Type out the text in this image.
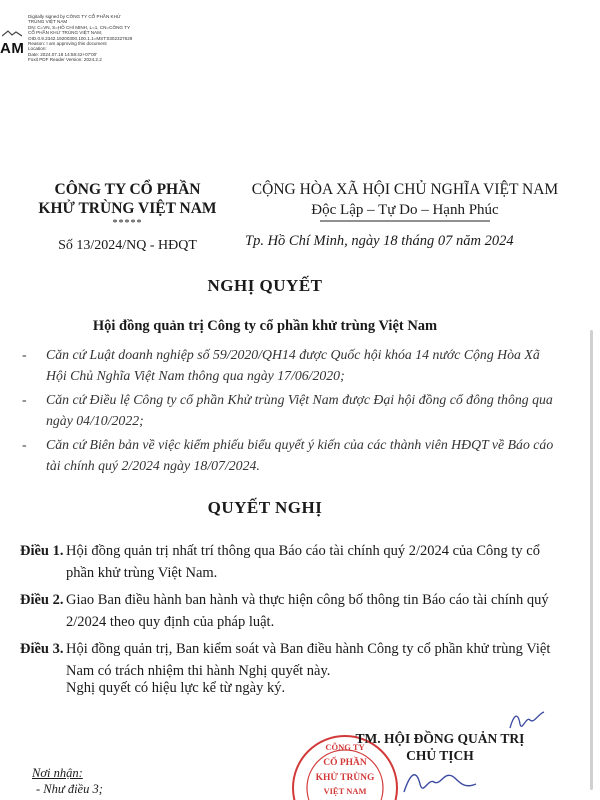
Digitally signed by CÔNG TY CỔ PHẦN KHỬ
TRÙNG VIỆT NAM
DN: C=VN, S=HỒ CHÍ MINH, L=1, CN=CÔNG TY
CỔ PHẦN KHỬ TRÙNG VIỆT NAM,
OID.0.9.2342.19200300.100.1.1=MST:0302327629
Reason: I am approving this document
Location:
Date: 2024.07.18 14:58:42+07'00'
Foxit PDF Reader Version: 2024.2.2
AM
CÔNG TY CỔ PHẦN
KHỬ TRÙNG VIỆT NAM
*****
Số 13/2024/NQ - HĐQT
CỘNG HÒA XÃ HỘI CHỦ NGHĨA VIỆT NAM
Độc Lập – Tự Do – Hạnh Phúc
Tp. Hồ Chí Minh, ngày 18 tháng 07 năm 2024
NGHỊ QUYẾT
Hội đồng quản trị Công ty cổ phần khử trùng Việt Nam
- Căn cứ Luật doanh nghiệp số 59/2020/QH14 được Quốc hội khóa 14 nước Cộng Hòa Xã Hội Chủ Nghĩa Việt Nam thông qua ngày 17/06/2020;
- Căn cứ Điều lệ Công ty cổ phần Khử trùng Việt Nam được Đại hội đồng cổ đông thông qua ngày 04/10/2022;
- Căn cứ Biên bản về việc kiểm phiếu biểu quyết ý kiến của các thành viên HĐQT về Báo cáo tài chính quý 2/2024 ngày 18/07/2024.
QUYẾT NGHỊ
Điều 1. Hội đồng quản trị nhất trí thông qua Báo cáo tài chính quý 2/2024 của Công ty cổ phần khử trùng Việt Nam.
Điều 2. Giao Ban điều hành ban hành và thực hiện công bố thông tin Báo cáo tài chính quý 2/2024 theo quy định của pháp luật.
Điều 3. Hội đồng quản trị, Ban kiểm soát và Ban điều hành Công ty cổ phần khử trùng Việt Nam có trách nhiệm thi hành Nghị quyết này.
Nghị quyết có hiệu lực kể từ ngày ký.
CÔNG TY
CỔ PHẦN
KHỬ TRÙNG
VIỆT NAM
TM. HỘI ĐỒNG QUẢN TRỊ
CHỦ TỊCH
Nơi nhận:
- Như điều 3;
